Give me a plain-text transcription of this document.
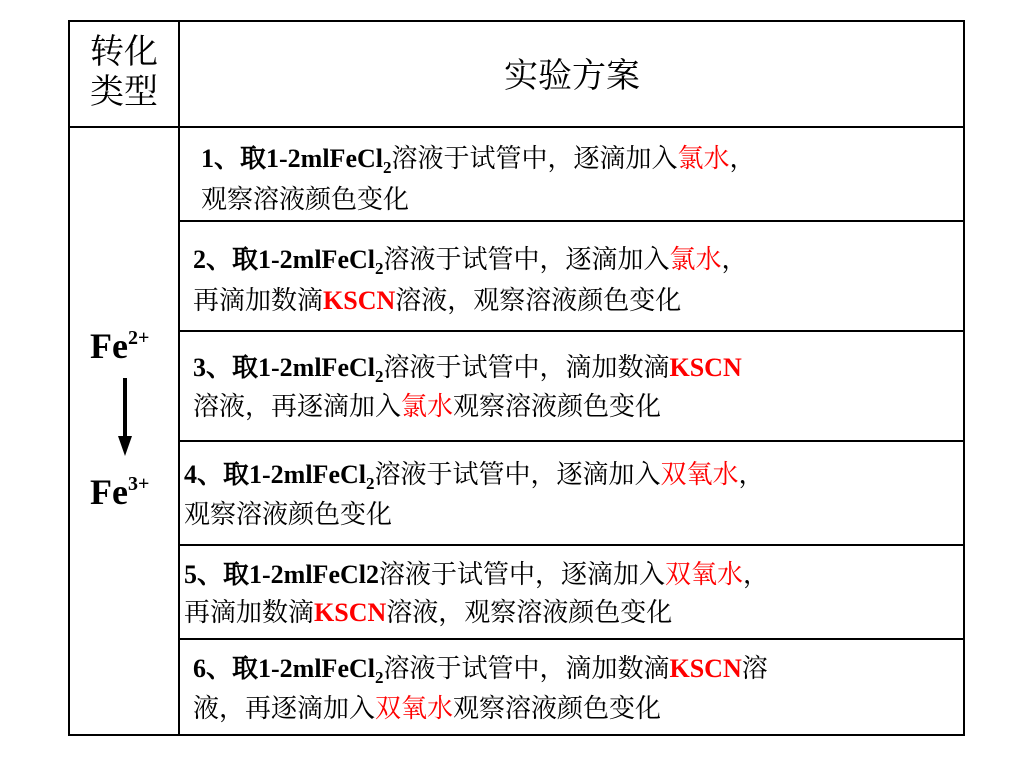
转化
类型	实验方案
$Fe^{2+}$
$Fe^{3+}$
1、取1-2mlFeCl$_2$溶液于试管中，逐滴加入氯水，
观察溶液颜色变化
2、取1-2mlFeCl$_2$溶液于试管中，逐滴加入氯水，
再滴加数滴KSCN溶液，观察溶液颜色变化
3、取1-2mlFeCl$_2$溶液于试管中，滴加数滴KSCN
溶液，再逐滴加入氯水观察溶液颜色变化
4、取1-2mlFeCl$_2$溶液于试管中，逐滴加入双氧水，
观察溶液颜色变化
5、取1-2mlFeCl2溶液于试管中，逐滴加入双氧水，
再滴加数滴KSCN溶液，观察溶液颜色变化
6、取1-2mlFeCl$_2$溶液于试管中，滴加数滴KSCN溶
液，再逐滴加入双氧水观察溶液颜色变化
